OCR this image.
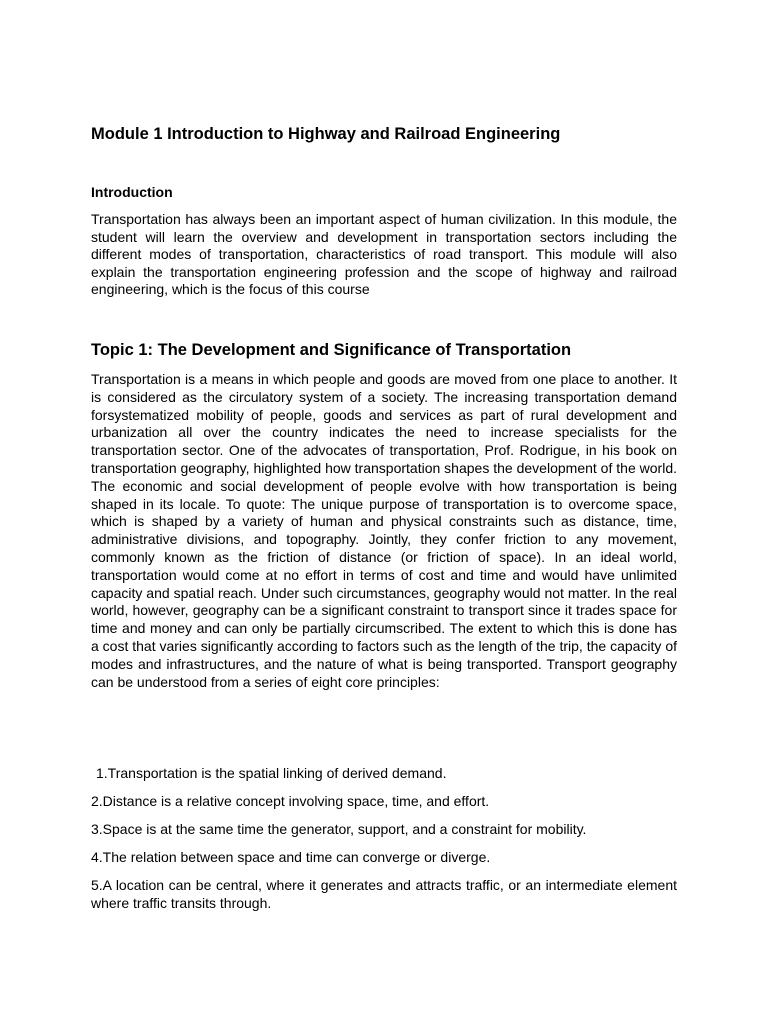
Module 1 Introduction to Highway and Railroad Engineering
Introduction

Transportation has always been an important aspect of human civilization. In this module, the student will learn the overview and development in transportation sectors including the different modes of transportation, characteristics of road transport. This module will also explain the transportation engineering profession and the scope of highway and railroad engineering, which is the focus of this course

Topic 1: The Development and Significance of Transportation

Transportation is a means in which people and goods are moved from one place to another. It is considered as the circulatory system of a society. The increasing transportation demand forsystematized mobility of people, goods and services as part of rural development and urbanization all over the country indicates the need to increase specialists for the transportation sector. One of the advocates of transportation, Prof. Rodrigue, in his book on transportation geography, highlighted how transportation shapes the development of the world. The economic and social development of people evolve with how transportation is being shaped in its locale. To quote: The unique purpose of transportation is to overcome space, which is shaped by a variety of human and physical constraints such as distance, time, administrative divisions, and topography. Jointly, they confer friction to any movement, commonly known as the friction of distance (or friction of space). In an ideal world, transportation would come at no effort in terms of cost and time and would have unlimited capacity and spatial reach. Under such circumstances, geography would not matter. In the real world, however, geography can be a significant constraint to transport since it trades space for time and money and can only be partially circumscribed. The extent to which this is done has a cost that varies significantly according to factors such as the length of the trip, the capacity of modes and infrastructures, and the nature of what is being transported. Transport geography can be understood from a series of eight core principles:

1.Transportation is the spatial linking of derived demand.
2.Distance is a relative concept involving space, time, and effort.
3.Space is at the same time the generator, support, and a constraint for mobility.
4.The relation between space and time can converge or diverge.
5.A location can be central, where it generates and attracts traffic, or an intermediate element where traffic transits through.
